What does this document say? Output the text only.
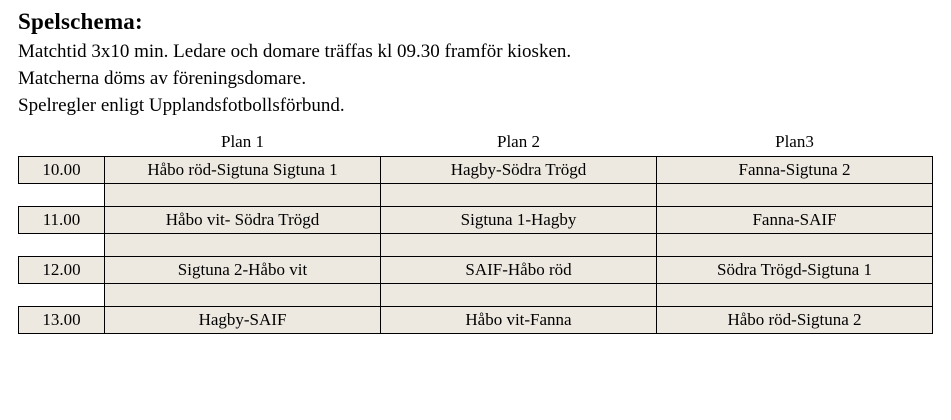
Spelschema:

Matchtid 3x10 min. Ledare och domare träffas kl 09.30 framför kiosken.

Matcherna döms av föreningsdomare.

Spelregler enligt Upplandsfotbollsförbund.

	Plan 1	Plan 2	Plan3
10.00	Håbo röd-Sigtuna Sigtuna 1	Hagby-Södra Trögd	Fanna-Sigtuna 2

11.00	Håbo vit- Södra Trögd	Sigtuna 1-Hagby	Fanna-SAIF

12.00	Sigtuna 2-Håbo vit	SAIF-Håbo röd	Södra Trögd-Sigtuna 1

13.00	Hagby-SAIF	Håbo vit-Fanna	Håbo röd-Sigtuna 2
